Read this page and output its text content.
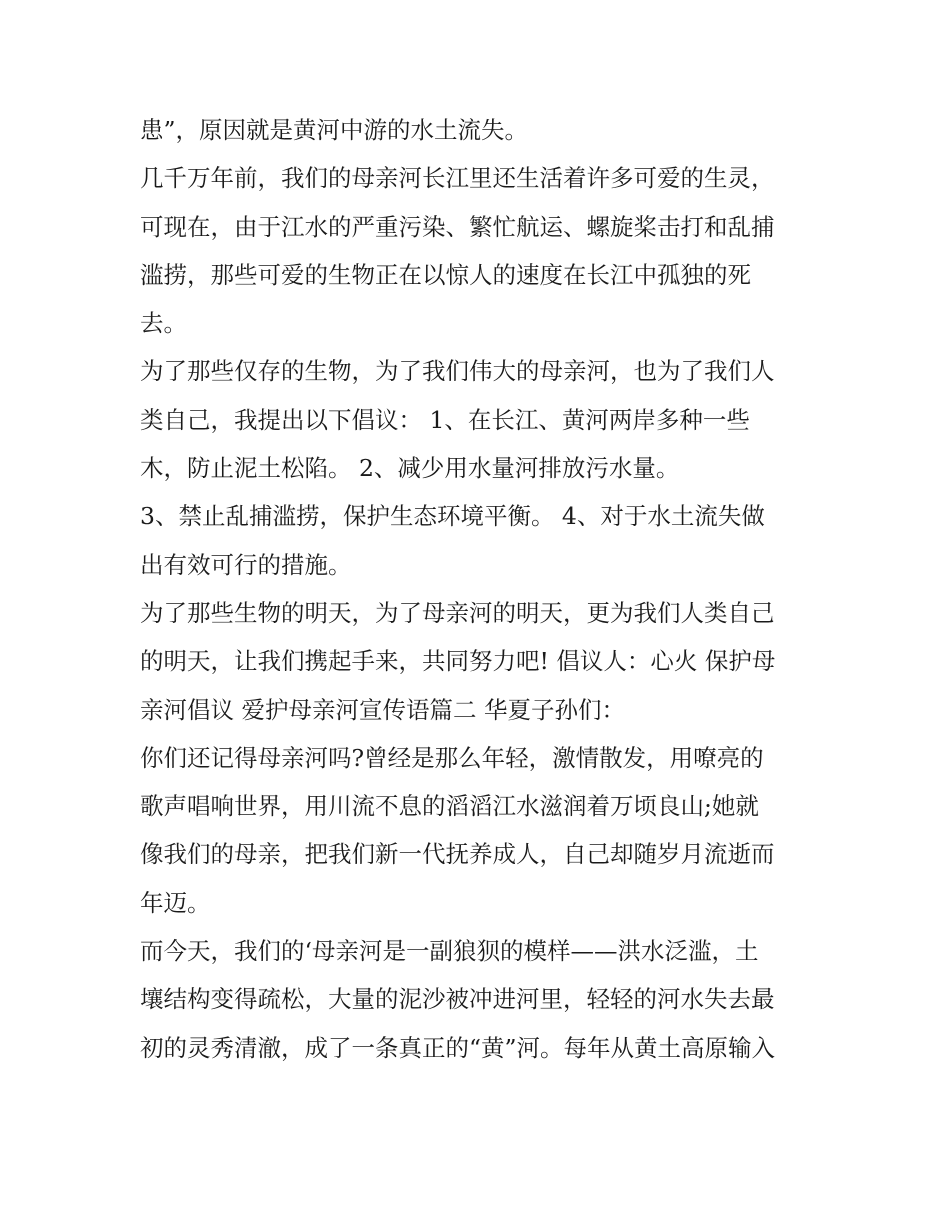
患”，原因就是黄河中游的水土流失。
几千万年前，我们的母亲河长江里还生活着许多可爱的生灵，
可现在，由于江水的严重污染、繁忙航运、螺旋桨击打和乱捕
滥捞，那些可爱的生物正在以惊人的速度在长江中孤独的死
去。
为了那些仅存的生物，为了我们伟大的母亲河，也为了我们人
类自己，我提出以下倡议： 1、在长江、黄河两岸多种一些
木，防止泥土松陷。 2、减少用水量河排放污水量。
3、禁止乱捕滥捞，保护生态环境平衡。 4、对于水土流失做
出有效可行的措施。
为了那些生物的明天，为了母亲河的明天，更为我们人类自己
的明天，让我们携起手来，共同努力吧! 倡议人：心火 保护母
亲河倡议 爱护母亲河宣传语篇二 华夏子孙们：
你们还记得母亲河吗?曾经是那么年轻，激情散发，用嘹亮的
歌声唱响世界，用川流不息的滔滔江水滋润着万顷良山;她就
像我们的母亲，把我们新一代抚养成人，自己却随岁月流逝而
年迈。
而今天，我们的‘母亲河是一副狼狈的模样——洪水泛滥，土
壤结构变得疏松，大量的泥沙被冲进河里，轻轻的河水失去最
初的灵秀清澈，成了一条真正的“黄”河。每年从黄土高原输入
